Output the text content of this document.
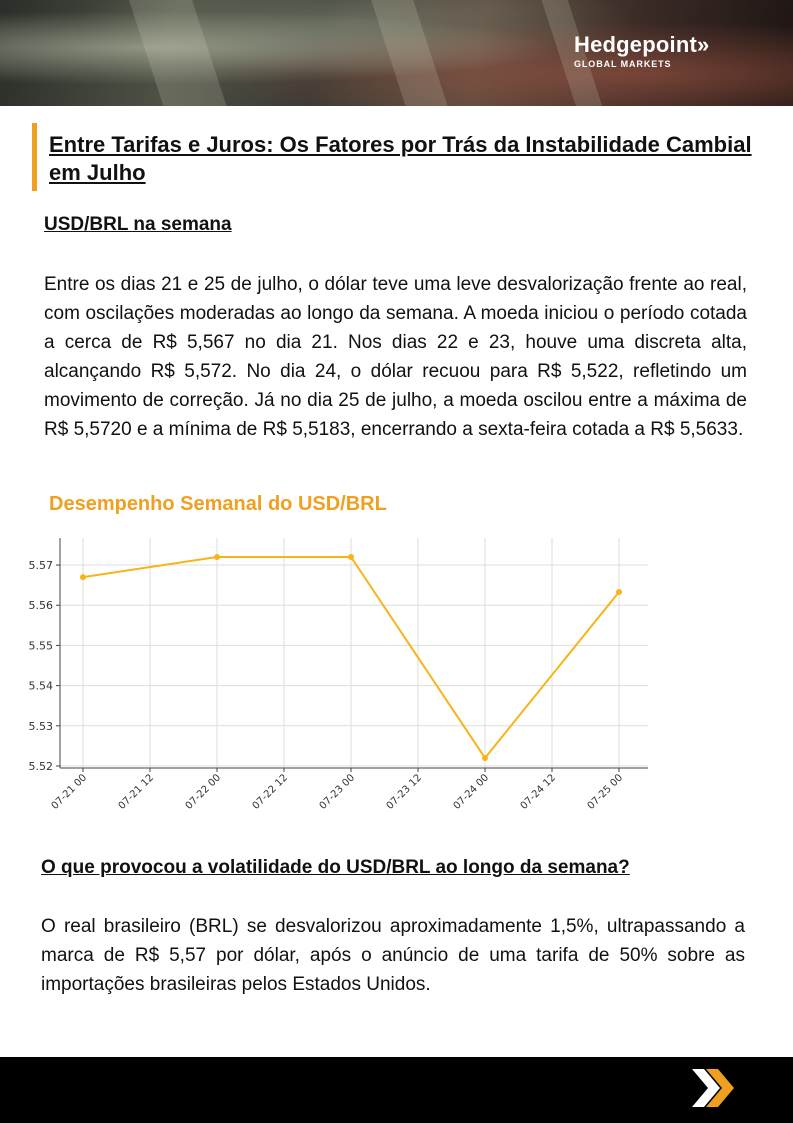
Hedgepoint»
GLOBAL MARKETS
Entre Tarifas e Juros: Os Fatores por Trás da Instabilidade Cambial em Julho
USD/BRL na semana

Entre os dias 21 e 25 de julho, o dólar teve uma leve desvalorização frente ao real, com oscilações moderadas ao longo da semana. A moeda iniciou o período cotada a cerca de R$ 5,567 no dia 21. Nos dias 22 e 23, houve uma discreta alta, alcançando R$ 5,572. No dia 24, o dólar recuou para R$ 5,522, refletindo um movimento de correção. Já no dia 25 de julho, a moeda oscilou entre a máxima de R$ 5,5720 e a mínima de R$ 5,5183, encerrando a sexta-feira cotada a R$ 5,5633.

Desempenho Semanal do USD/BRL
5.52
5.53
5.54
5.55
5.56
5.57
07-21 00	07-21 12	07-22 00	07-22 12	07-23 00	07-23 12	07-24 00	07-24 12	07-25 00
O que provocou a volatilidade do USD/BRL ao longo da semana?

O real brasileiro (BRL) se desvalorizou aproximadamente 1,5%, ultrapassando a marca de R$ 5,57 por dólar, após o anúncio de uma tarifa de 50% sobre as importações brasileiras pelos Estados Unidos.
